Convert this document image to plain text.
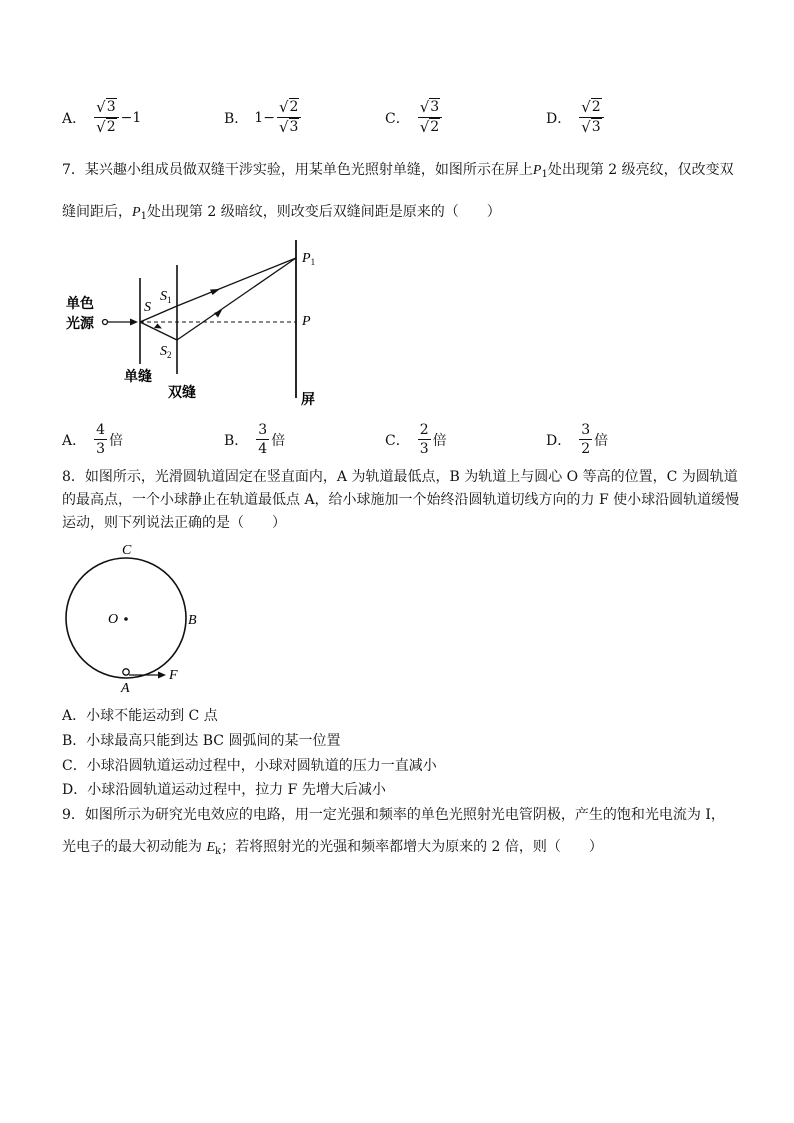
A． $\frac{√ 3}{√ 2} -1$	B． $1- \frac{√ 2}{√ 3}$	C． $\frac{√ 3}{√ 2}$	D． $\frac{√ 2}{√ 3}$
7．某兴趣小组成员做双缝干涉实验，用某单色光照射单缝，如图所示在屏上$P_1$处出现第 2 级亮纹，仅改变双
缝间距后，$P_1$处出现第 2 级暗纹，则改变后双缝间距是原来的（　　）
单色
光源
S
$S_1$
$S_2$
$P_1$
P
单缝
双缝	屏
A． $\frac{4}{3}$ 倍	B． $\frac{3}{4}$ 倍	C． $\frac{2}{3}$ 倍	D． $\frac{3}{2}$ 倍
8．如图所示，光滑圆轨道固定在竖直面内，A 为轨道最低点，B 为轨道上与圆心 O 等高的位置，C 为圆轨道
的最高点，一个小球静止在轨道最低点 A，给小球施加一个始终沿圆轨道切线方向的力 F 使小球沿圆轨道缓慢
运动，则下列说法正确的是（　　）
C
O	B
F
A
A．小球不能运动到 C 点
B．小球最高只能到达 BC 圆弧间的某一位置
C．小球沿圆轨道运动过程中，小球对圆轨道的压力一直减小
D．小球沿圆轨道运动过程中，拉力 F 先增大后减小
9．如图所示为研究光电效应的电路，用一定光强和频率的单色光照射光电管阴极，产生的饱和光电流为 I，
光电子的最大初动能为 $E_k$；若将照射光的光强和频率都增大为原来的 2 倍，则（　　）
